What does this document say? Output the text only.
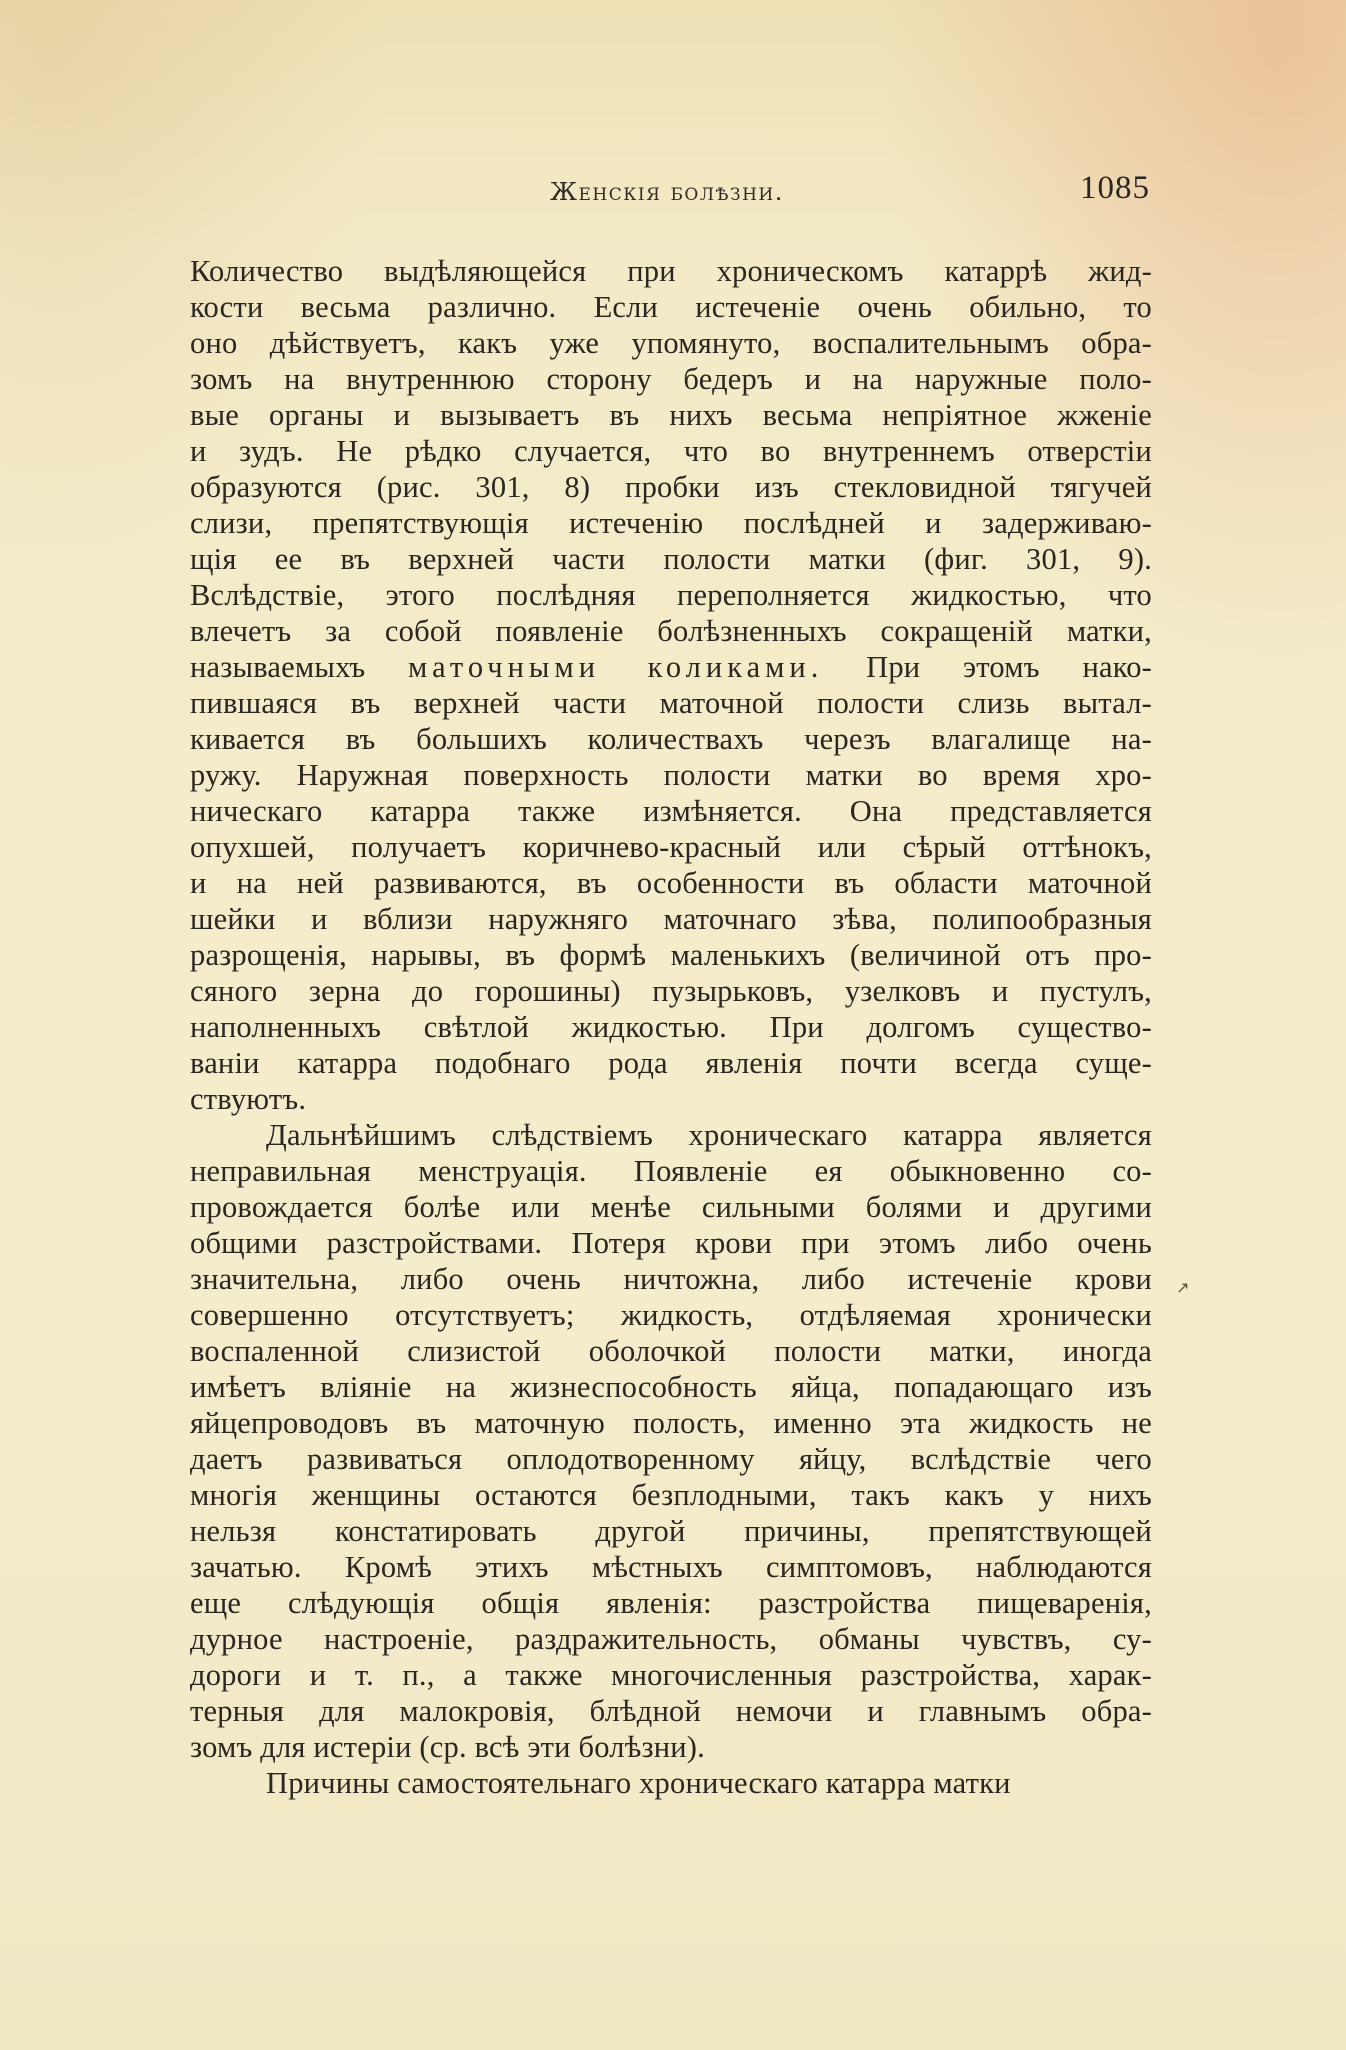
Женскія болѣзни.	1085
Количество выдѣляющейся при хроническомъ катаррѣ жид-
кости весьма различно. Если истеченіе очень обильно, то
оно дѣйствуетъ, какъ уже упомянуто, воспалительнымъ обра-
зомъ на внутреннюю сторону бедеръ и на наружные поло-
вые органы и вызываетъ въ нихъ весьма непріятное жженіе
и зудъ. Не рѣдко случается, что во внутреннемъ отверстіи
образуются (рис. 301, 8) пробки изъ стекловидной тягучей
слизи, препятствующія истеченію послѣдней и задерживаю-
щія ее въ верхней части полости матки (фиг. 301, 9).
Вслѣдствіе, этого послѣдняя переполняется жидкостью, что
влечетъ за собой появленіе болѣзненныхъ сокращеній матки,
называемыхъ маточными коликами. При этомъ нако-
пившаяся въ верхней части маточной полости слизь вытал-
кивается въ большихъ количествахъ черезъ влагалище на-
ружу. Наружная поверхность полости матки во время хро-
ническаго катарра также измѣняется. Она представляется
опухшей, получаетъ коричнево-красный или сѣрый оттѣнокъ,
и на ней развиваются, въ особенности въ области маточной
шейки и вблизи наружняго маточнаго зѣва, полипообразныя
разрощенія, нарывы, въ формѣ маленькихъ (величиной отъ про-
сяного зерна до горошины) пузырьковъ, узелковъ и пустулъ,
наполненныхъ свѣтлой жидкостью. При долгомъ существо-
ваніи катарра подобнаго рода явленія почти всегда суще-
ствуютъ.
Дальнѣйшимъ слѣдствіемъ хроническаго катарра является
неправильная менструація. Появленіе ея обыкновенно со-
провождается болѣе или менѣе сильными болями и другими
общими разстройствами. Потеря крови при этомъ либо очень
значительна, либо очень ничтожна, либо истеченіе крови
совершенно отсутствуетъ; жидкость, отдѣляемая хронически
воспаленной слизистой оболочкой полости матки, иногда
имѣетъ вліяніе на жизнеспособность яйца, попадающаго изъ
яйцепроводовъ въ маточную полость, именно эта жидкость не
даетъ развиваться оплодотворенному яйцу, вслѣдствіе чего
многія женщины остаются безплодными, такъ какъ у нихъ
нельзя констатировать другой причины, препятствующей
зачатью. Кромѣ этихъ мѣстныхъ симптомовъ, наблюдаются
еще слѣдующія общія явленія: разстройства пищеваренія,
дурное настроеніе, раздражительность, обманы чувствъ, су-
дороги и т. п., а также многочисленныя разстройства, харак-
терныя для малокровія, блѣдной немочи и главнымъ обра-
зомъ для истеріи (ср. всѣ эти болѣзни).
Причины самостоятельнаго хроническаго катарра матки
↗
